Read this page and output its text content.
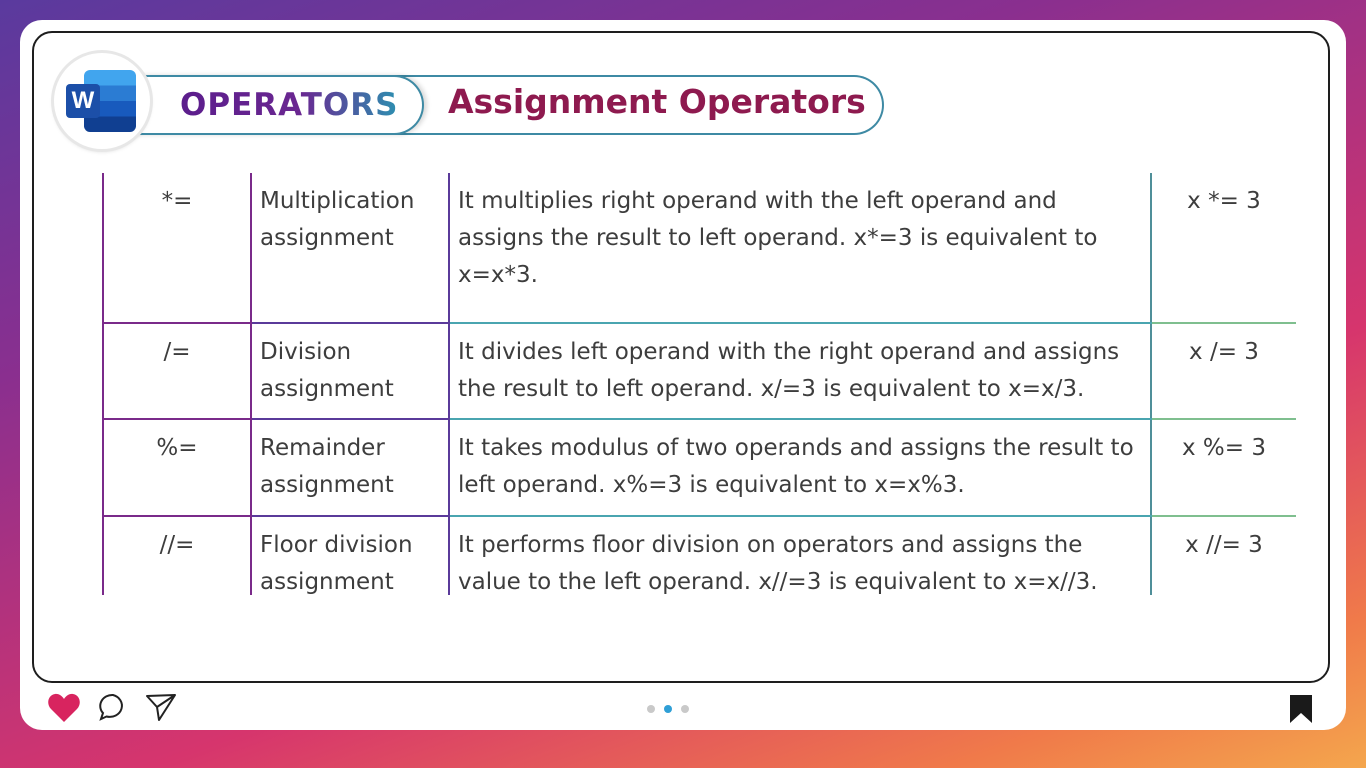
OPERATORS Assignment Operators
W
*=	Multiplication assignment	It multiplies right operand with the left operand and assigns the result to left operand. x*=3 is equivalent to x=x*3.	x *= 3
/=	Division assignment	It divides left operand with the right operand and assigns the result to left operand. x/=3 is equivalent to x=x/3.	x /= 3
%=	Remainder assignment	It takes modulus of two operands and assigns the result to left operand. x%=3 is equivalent to x=x%3.	x %= 3
//=	Floor division assignment	It performs floor division on operators and assigns the value to the left operand. x//=3 is equivalent to x=x//3.	x //= 3
